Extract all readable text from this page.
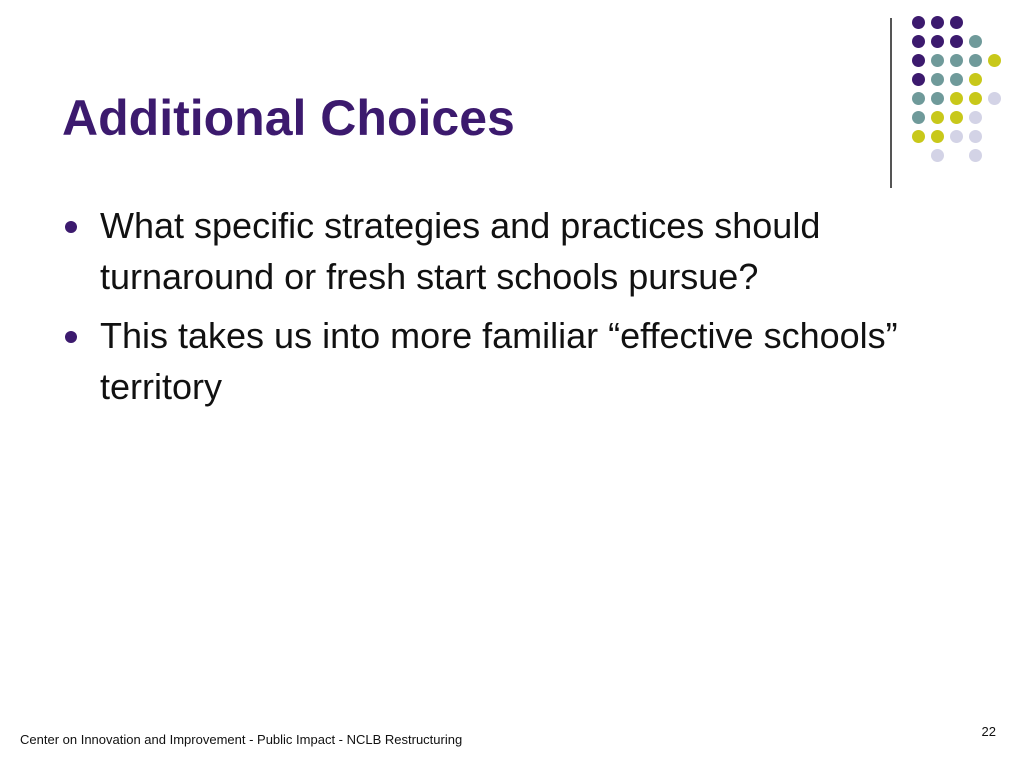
Additional Choices
What specific strategies and practices should turnaround or fresh start schools pursue?
This takes us into more familiar “effective schools” territory
Center on Innovation and Improvement - Public Impact - NCLB Restructuring
22
